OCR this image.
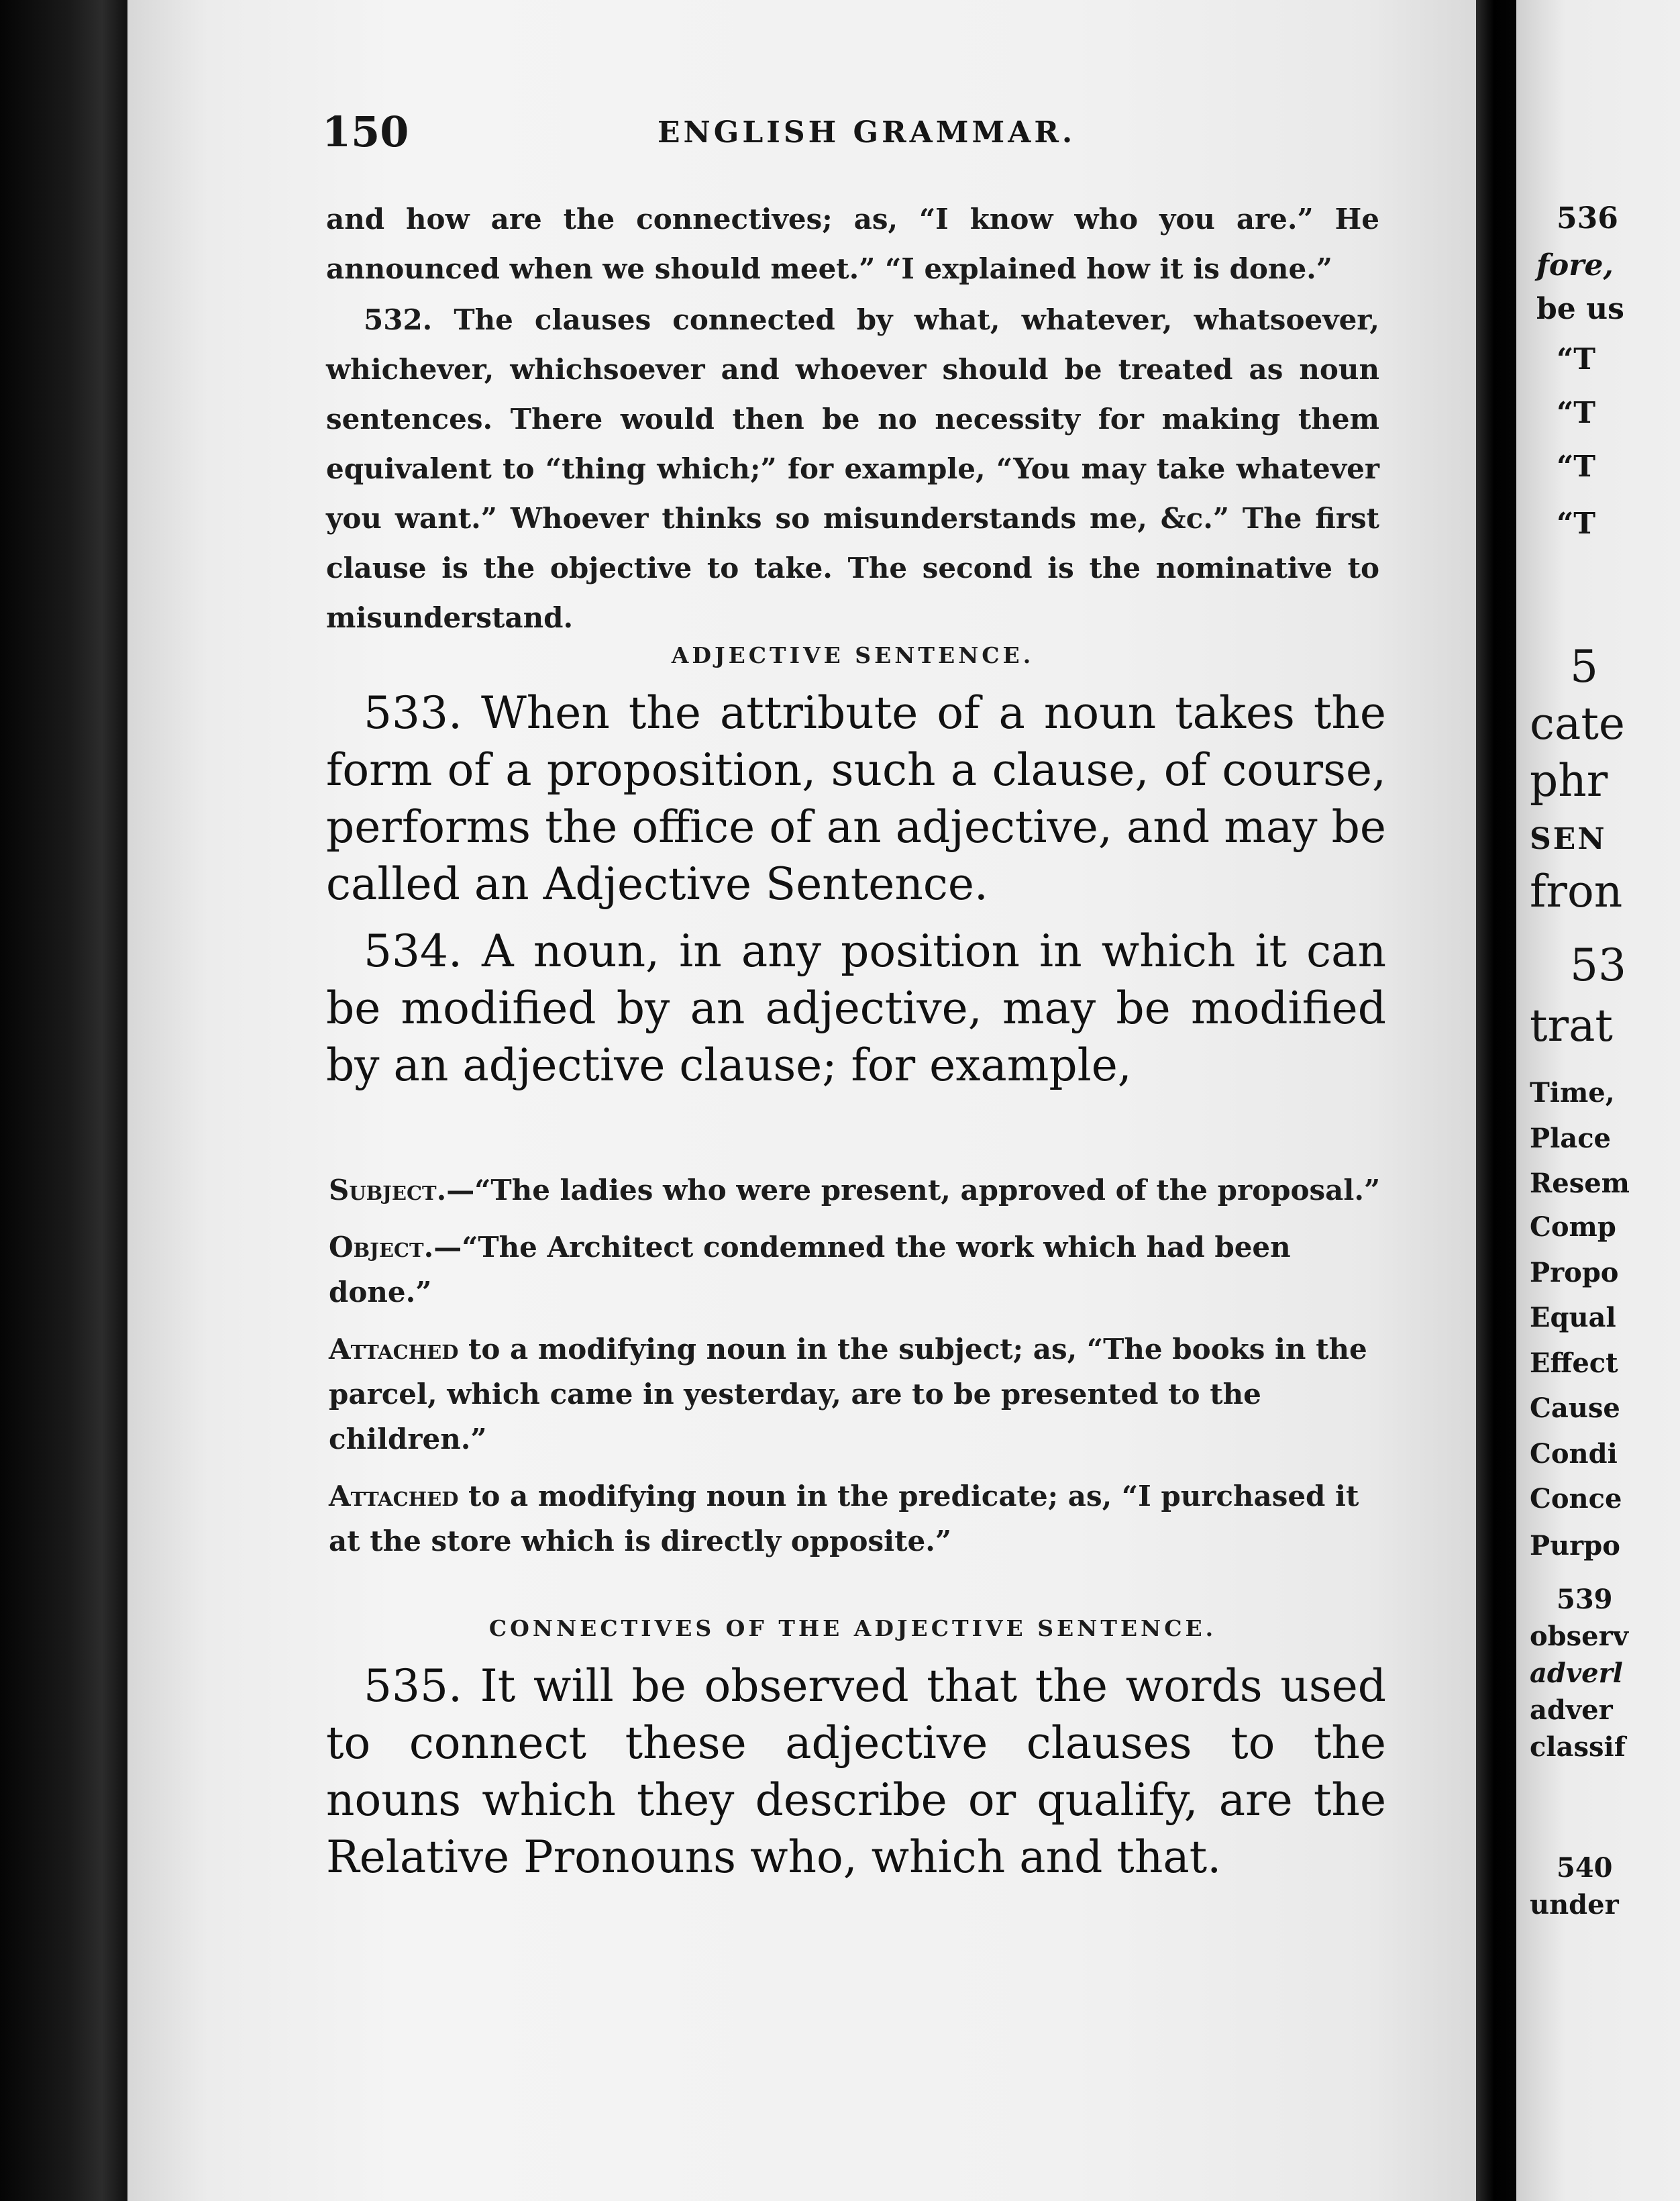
150	ENGLISH GRAMMAR.

and how are the connectives; as, “I know who you are.” He announced when we should meet.” “I explained how it is done.”

532. The clauses connected by what, whatever, whatsoever, whichever, whichsoever and whoever should be treated as noun sentences. There would then be no necessity for making them equivalent to “thing which;” for example, “You may take whatever you want.” Whoever thinks so misunderstands me, &c.” The first clause is the objective to take. The second is the nominative to misunderstand.

ADJECTIVE SENTENCE.

533. When the attribute of a noun takes the form of a proposition, such a clause, of course, performs the office of an adjective, and may be called an Adjective Sentence.

534. A noun, in any position in which it can be modified by an adjective, may be modified by an adjective clause; for example,

Subject.—“The ladies who were present, approved of the proposal.”
Object.—“The Architect condemned the work which had been done.”
Attached to a modifying noun in the subject; as, “The books in the parcel, which came in yesterday, are to be presented to the children.”
Attached to a modifying noun in the predicate; as, “I purchased it at the store which is directly opposite.”
CONNECTIVES OF THE ADJECTIVE SENTENCE.

535. It will be observed that the words used to connect these adjective clauses to the nouns which they describe or qualify, are the Relative Pronouns who, which and that.

536
fore,
be us
“T
“T
“T
“T
5
cate
phr
SEN
fron
53
trat
Time,
Place
Resem
Comp
Propo
Equal
Effect
Cause
Condi
Conce
Purpo
539
observ
adverl
adver
classif
540
under
